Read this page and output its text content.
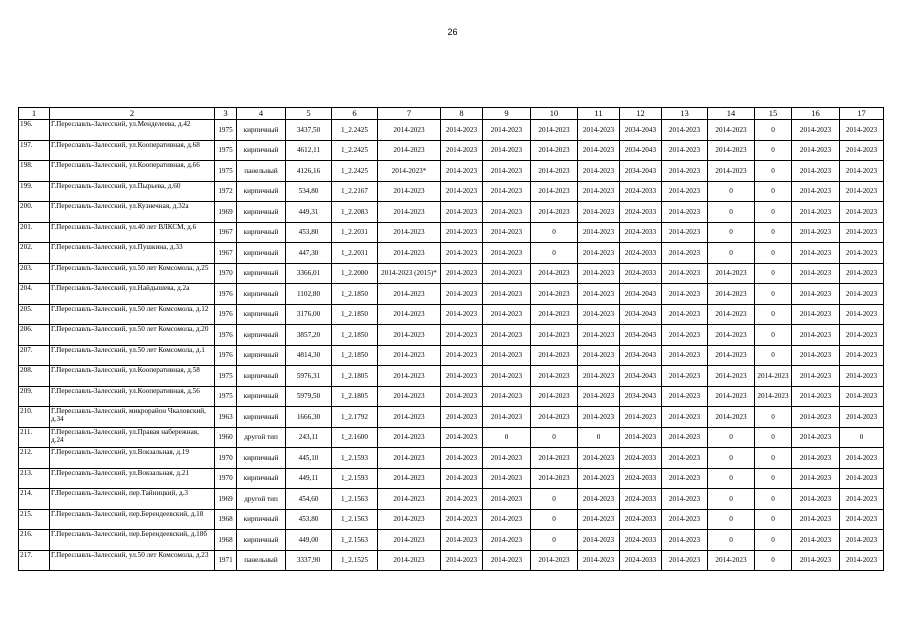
26
1	2	3	4	5	6	7	8	9	10	11	12	13	14	15	16	17
196.	Г.Переславль-Залесский, ул.Менделеева, д.42	1975	кирпичный	3437,50	1_2.2425	2014-2023	2014-2023	2014-2023	2014-2023	2014-2023	2034-2043	2014-2023	2014-2023	0	2014-2023	2014-2023
197.	Г.Переславль-Залесский, ул.Кооперативная, д.68	1975	кирпичный	4612,11	1_2.2425	2014-2023	2014-2023	2014-2023	2014-2023	2014-2023	2034-2043	2014-2023	2014-2023	0	2014-2023	2014-2023
198.	Г.Переславль-Залесский, ул.Кооперативная, д.66	1975	панельный	4126,16	1_2.2425	2014-2023*	2014-2023	2014-2023	2014-2023	2014-2023	2034-2043	2014-2023	2014-2023	0	2014-2023	2014-2023
199.	Г.Переславль-Залесский, ул.Пырьева, д.60	1972	кирпичный	534,80	1_2.2167	2014-2023	2014-2023	2014-2023	2014-2023	2014-2023	2024-2033	2014-2023	0	0	2014-2023	2014-2023
200.	Г.Переславль-Залесский, ул.Кузнечная, д.32а	1969	кирпичный	449,31	1_2.2083	2014-2023	2014-2023	2014-2023	2014-2023	2014-2023	2024-2033	2014-2023	0	0	2014-2023	2014-2023
201.	Г.Переславль-Залесский, ул.40 лет ВЛКСМ, д.6	1967	кирпичный	453,80	1_2.2031	2014-2023	2014-2023	2014-2023	0	2014-2023	2024-2033	2014-2023	0	0	2014-2023	2014-2023
202.	Г.Переславль-Залесский, ул.Пушкина, д.33	1967	кирпичный	447,30	1_2.2031	2014-2023	2014-2023	2014-2023	0	2014-2023	2024-2033	2014-2023	0	0	2014-2023	2014-2023
203.	Г.Переславль-Залесский, ул.50 лет Комсомола, д.25	1970	кирпичный	3366,01	1_2.2000	2014-2023 (2015)*	2014-2023	2014-2023	2014-2023	2014-2023	2024-2033	2014-2023	2014-2023	0	2014-2023	2014-2023
204.	Г.Переславль-Залесский, ул.Найдышева, д.2а	1976	кирпичный	1102,80	1_2.1850	2014-2023	2014-2023	2014-2023	2014-2023	2014-2023	2034-2043	2014-2023	2014-2023	0	2014-2023	2014-2023
205.	Г.Переславль-Залесский, ул.50 лет Комсомола, д.12	1976	кирпичный	3176,00	1_2.1850	2014-2023	2014-2023	2014-2023	2014-2023	2014-2023	2034-2043	2014-2023	2014-2023	0	2014-2023	2014-2023
206.	Г.Переславль-Залесский, ул.50 лет Комсомола, д.20	1976	кирпичный	3857,20	1_2.1850	2014-2023	2014-2023	2014-2023	2014-2023	2014-2023	2034-2043	2014-2023	2014-2023	0	2014-2023	2014-2023
207.	Г.Переславль-Залесский, ул.50 лет Комсомола, д.1	1976	кирпичный	4814,30	1_2.1850	2014-2023	2014-2023	2014-2023	2014-2023	2014-2023	2034-2043	2014-2023	2014-2023	0	2014-2023	2014-2023
208.	Г.Переславль-Залесский, ул.Кооперативная, д.58	1975	кирпичный	5976,31	1_2.1805	2014-2023	2014-2023	2014-2023	2014-2023	2014-2023	2034-2043	2014-2023	2014-2023	2014-2023	2014-2023	2014-2023
209.	Г.Переславль-Залесский, ул.Кооперативная, д.56	1975	кирпичный	5979,50	1_2.1805	2014-2023	2014-2023	2014-2023	2014-2023	2014-2023	2034-2043	2014-2023	2014-2023	2014-2023	2014-2023	2014-2023
210.	Г.Переславль-Залесский, микрорайон Чкаловский, д.34	1963	кирпичный	1666,30	1_2.1792	2014-2023	2014-2023	2014-2023	2014-2023	2014-2023	2014-2023	2014-2023	2014-2023	0	2014-2023	2014-2023
211.	Г.Переславль-Залесский, ул.Правая набережная, д.24	1960	другой тип	243,11	1_2.1600	2014-2023	2014-2023	0	0	0	2014-2023	2014-2023	0	0	2014-2023	0
212.	Г.Переславль-Залесский, ул.Вокзальная, д.19	1970	кирпичный	445,10	1_2.1593	2014-2023	2014-2023	2014-2023	2014-2023	2014-2023	2024-2033	2014-2023	0	0	2014-2023	2014-2023
213.	Г.Переславль-Залесский, ул.Вокзальная, д.21	1970	кирпичный	449,11	1_2.1593	2014-2023	2014-2023	2014-2023	2014-2023	2014-2023	2024-2033	2014-2023	0	0	2014-2023	2014-2023
214.	Г.Переславль-Залесский, пер.Тайницкий, д.3	1969	другой тип	454,60	1_2.1563	2014-2023	2014-2023	2014-2023	0	2014-2023	2024-2033	2014-2023	0	0	2014-2023	2014-2023
215.	Г.Переславль-Залесский, пер.Берендеевский, д.18	1968	кирпичный	453,80	1_2.1563	2014-2023	2014-2023	2014-2023	0	2014-2023	2024-2033	2014-2023	0	0	2014-2023	2014-2023
216.	Г.Переславль-Залесский, пер.Берендеевский, д.18б	1968	кирпичный	449,00	1_2.1563	2014-2023	2014-2023	2014-2023	0	2014-2023	2024-2033	2014-2023	0	0	2014-2023	2014-2023
217.	Г.Переславль-Залесский, ул.50 лет Комсомола, д.23	1971	панельный	3337,90	1_2.1525	2014-2023	2014-2023	2014-2023	2014-2023	2014-2023	2024-2033	2014-2023	2014-2023	0	2014-2023	2014-2023
